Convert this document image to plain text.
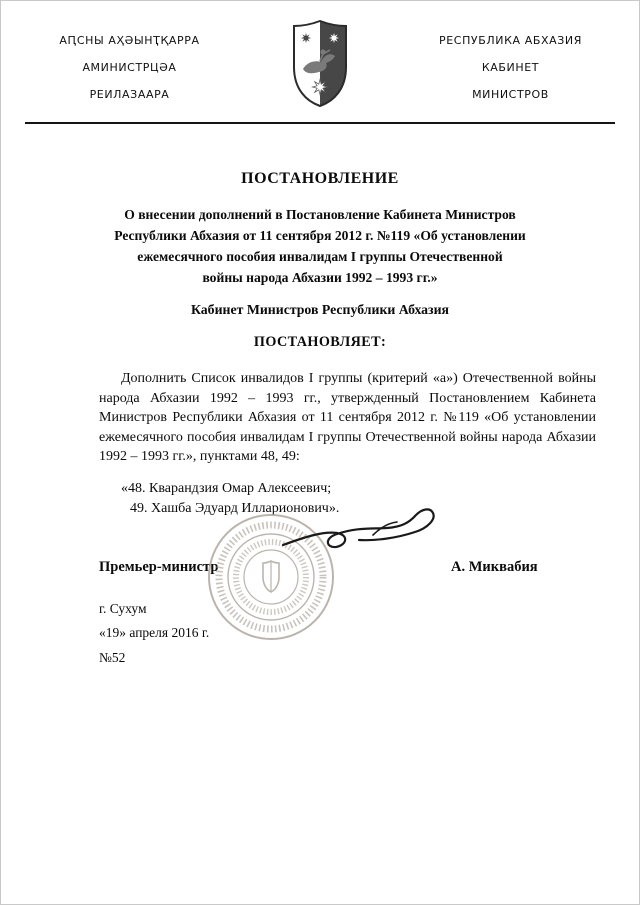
АԤСНЫ АҲӘЫНҬҚАРРА
АМИНИСТРЦӘА
РЕИЛАЗААРА
РЕСПУБЛИКА АБХАЗИЯ
КАБИНЕТ
МИНИСТРОВ
ПОСТАНОВЛЕНИЕ
О внесении дополнений в Постановление Кабинета Министров
Республики Абхазия от 11 сентября 2012 г. №119 «Об установлении
ежемесячного пособия инвалидам I группы Отечественной
войны народа Абхазии 1992 – 1993 гг.»
Кабинет Министров Республики Абхазия
ПОСТАНОВЛЯЕТ:

Дополнить Список инвалидов I группы (критерий «а») Отечественной войны народа Абхазии 1992 – 1993 гг., утвержденный Постановлением Кабинета Министров Республики Абхазия от 11 сентября 2012 г. №119 «Об установлении ежемесячного пособия инвалидам I группы Отечественной войны народа Абхазии 1992 – 1993 гг.», пунктами 48, 49:

«48. Кварандзия Омар Алексеевич;
49. Хашба Эдуард Илларионович».
Премьер-министр	А. Миквабия
г. Сухум
«19» апреля 2016 г.
№52
